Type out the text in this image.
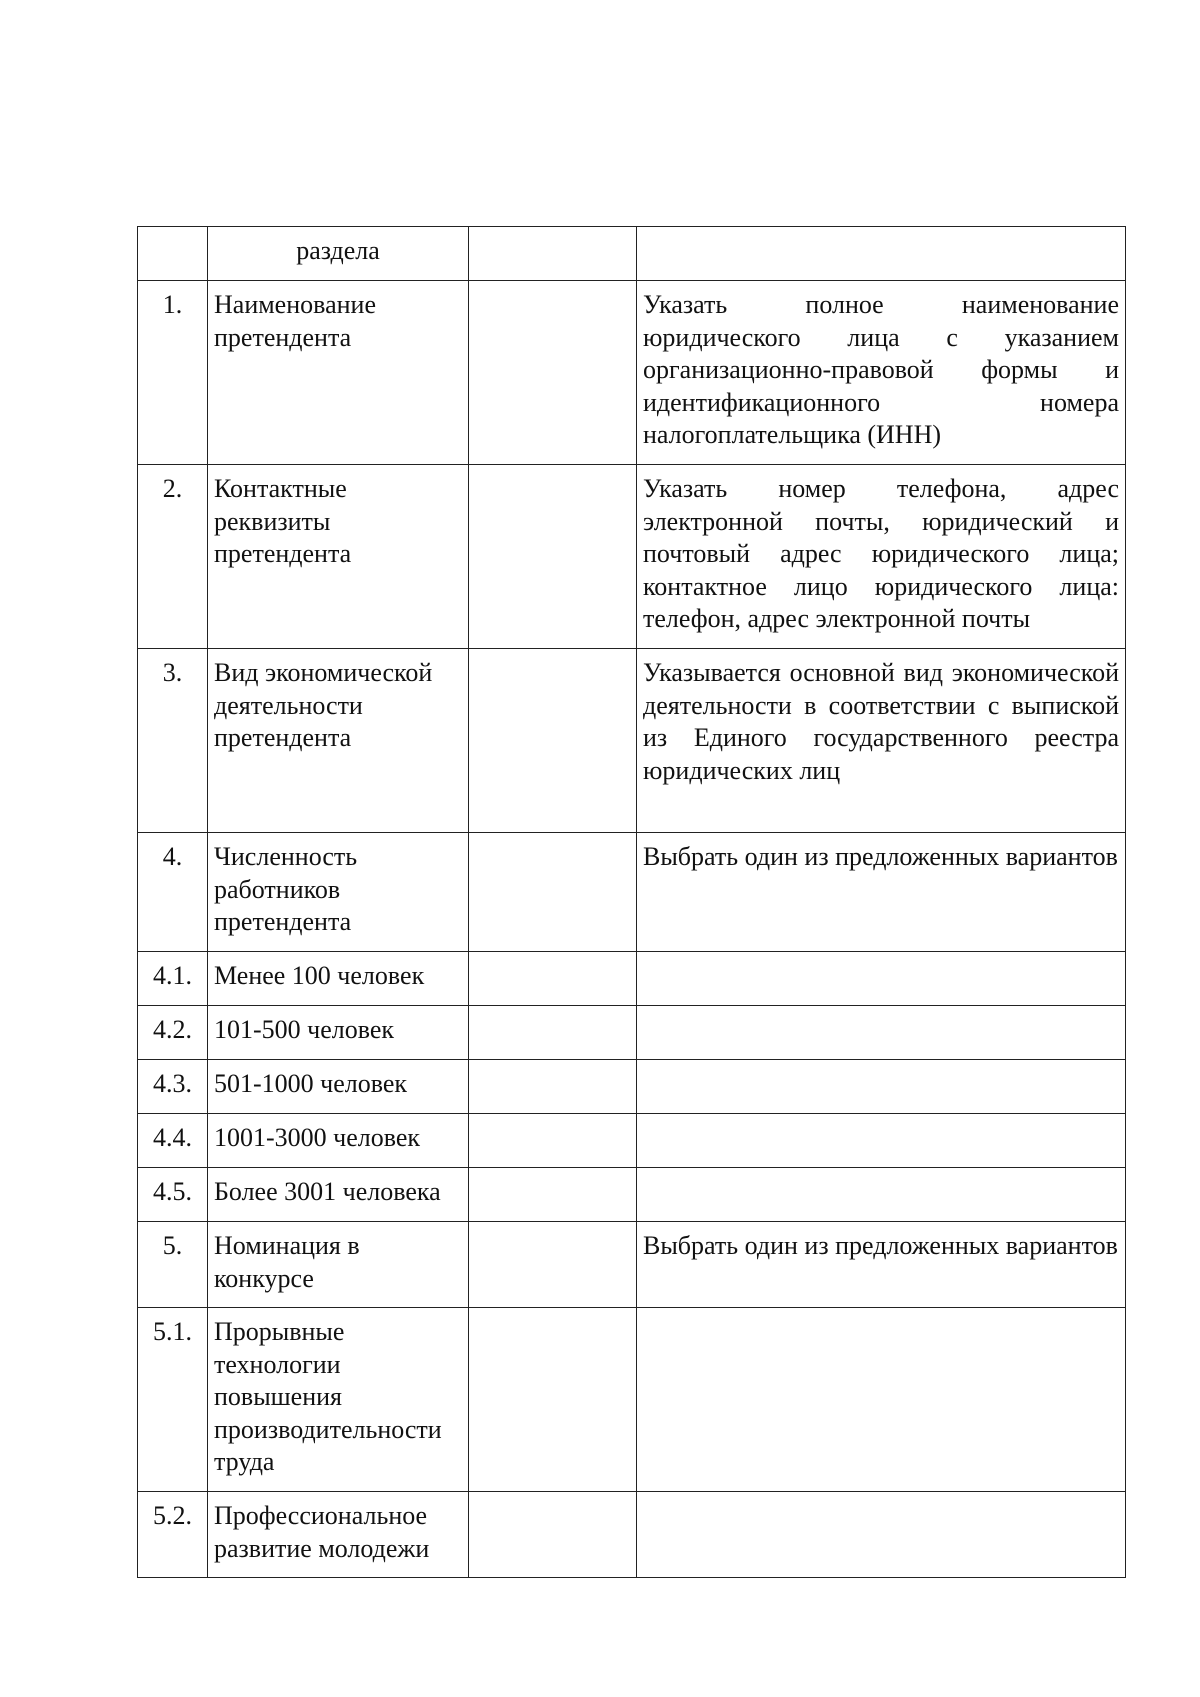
	раздела		

1.	Наименование претендента		Указать полное наименование юридического лица с указанием организационно-правовой формы и идентификационного номера налогоплательщика (ИНН)

2.	Контактные реквизиты претендента		Указать номер телефона, адрес электронной почты, юридический и почтовый адрес юридического лица; контактное лицо юридического лица: телефон, адрес электронной почты

3.	Вид экономической деятельности претендента		Указывается основной вид экономической деятельности в соответствии с выпиской из Единого государственного реестра юридических лиц

4.	Численность работников претендента		Выбрать один из предложенных вариантов

4.1.	Менее 100 человек		

4.2.	101-500 человек		

4.3.	501-1000 человек		

4.4.	1001-3000 человек		

4.5.	Более 3001 человека		

5.	Номинация в конкурсе		Выбрать один из предложенных вариантов

5.1.	Прорывные технологии повышения производительности труда		

5.2.	Профессиональное развитие молодежи		
